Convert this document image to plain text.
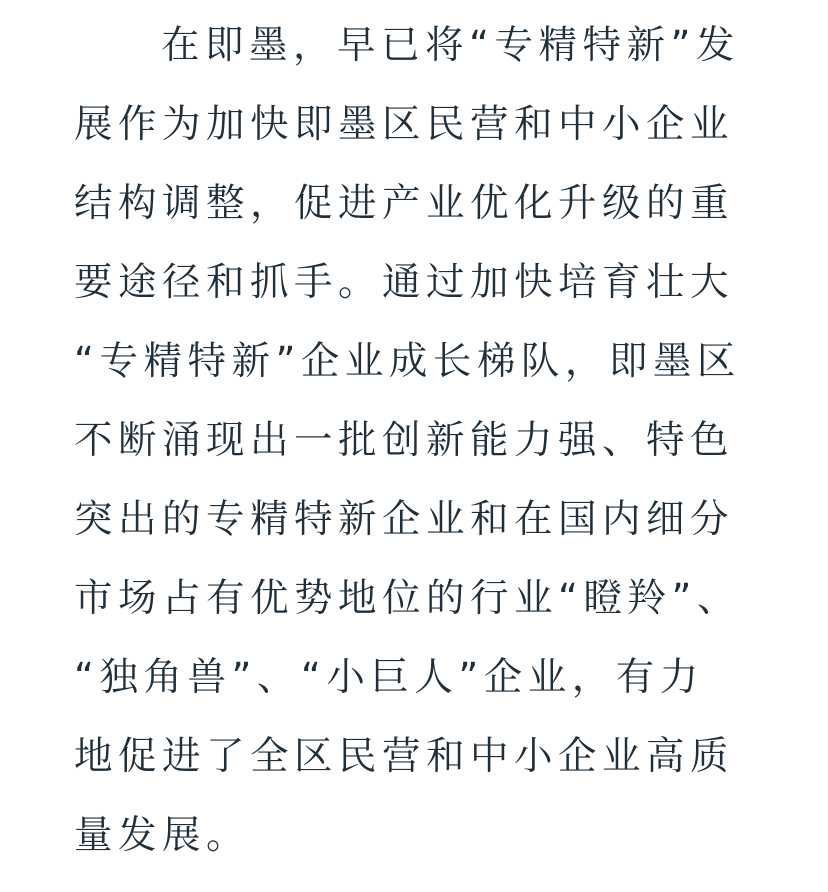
在即墨，早已将“专精特新”发
展作为加快即墨区民营和中小企业
结构调整，促进产业优化升级的重
要途径和抓手。通过加快培育壮大
“专精特新”企业成长梯队，即墨区
不断涌现出一批创新能力强、特色
突出的专精特新企业和在国内细分
市场占有优势地位的行业“瞪羚”、
“独角兽”、“小巨人”企业，有力
地促进了全区民营和中小企业高质
量发展。
